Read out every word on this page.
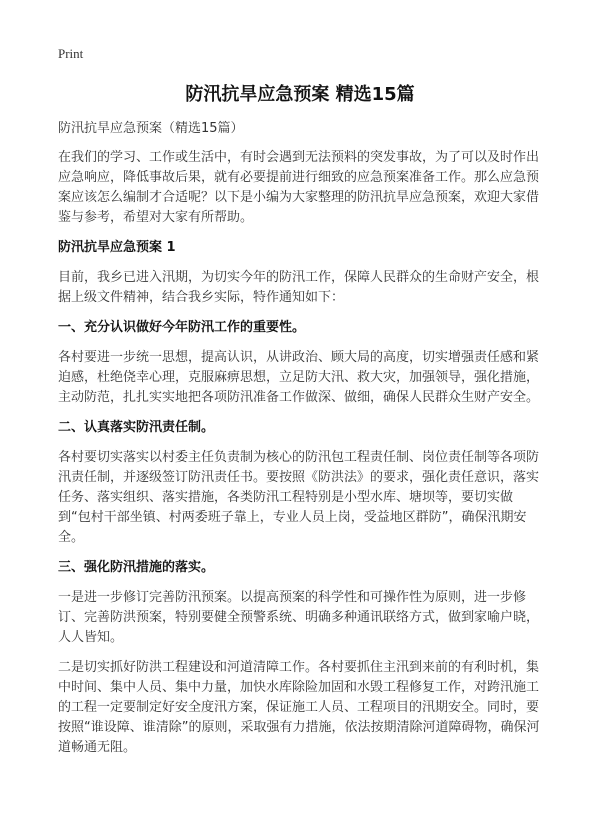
Print
防汛抗旱应急预案 精选15篇
防汛抗旱应急预案（精选15篇）

在我们的学习、工作或生活中，有时会遇到无法预料的突发事故，为了可以及时作出应急响应，降低事故后果，就有必要提前进行细致的应急预案准备工作。那么应急预案应该怎么编制才合适呢？以下是小编为大家整理的防汛抗旱应急预案，欢迎大家借鉴与参考，希望对大家有所帮助。

防汛抗旱应急预案 1

目前，我乡已进入汛期，为切实今年的防汛工作，保障人民群众的生命财产安全，根据上级文件精神，结合我乡实际，特作通知如下：

一、充分认识做好今年防汛工作的重要性。

各村要进一步统一思想，提高认识，从讲政治、顾大局的高度，切实增强责任感和紧迫感，杜绝侥幸心理，克服麻痹思想，立足防大汛、救大灾，加强领导，强化措施，主动防范，扎扎实实地把各项防汛准备工作做深、做细，确保人民群众生财产安全。

二、认真落实防汛责任制。

各村要切实落实以村委主任负责制为核心的防汛包工程责任制、岗位责任制等各项防汛责任制，并逐级签订防汛责任书。要按照《防洪法》的要求，强化责任意识，落实任务、落实组织、落实措施，各类防汛工程特别是小型水库、塘坝等，要切实做到“包村干部坐镇、村两委班子靠上，专业人员上岗，受益地区群防”，确保汛期安全。

三、强化防汛措施的落实。

一是进一步修订完善防汛预案。以提高预案的科学性和可操作性为原则，进一步修订、完善防洪预案，特别要健全预警系统、明确多种通讯联络方式，做到家喻户晓，人人皆知。

二是切实抓好防洪工程建设和河道清障工作。各村要抓住主汛到来前的有利时机，集中时间、集中人员、集中力量，加快水库除险加固和水毁工程修复工作，对跨汛施工的工程一定要制定好安全度汛方案，保证施工人员、工程项目的汛期安全。同时，要按照“谁设障、谁清除”的原则，采取强有力措施，依法按期清除河道障碍物，确保河道畅通无阻。
